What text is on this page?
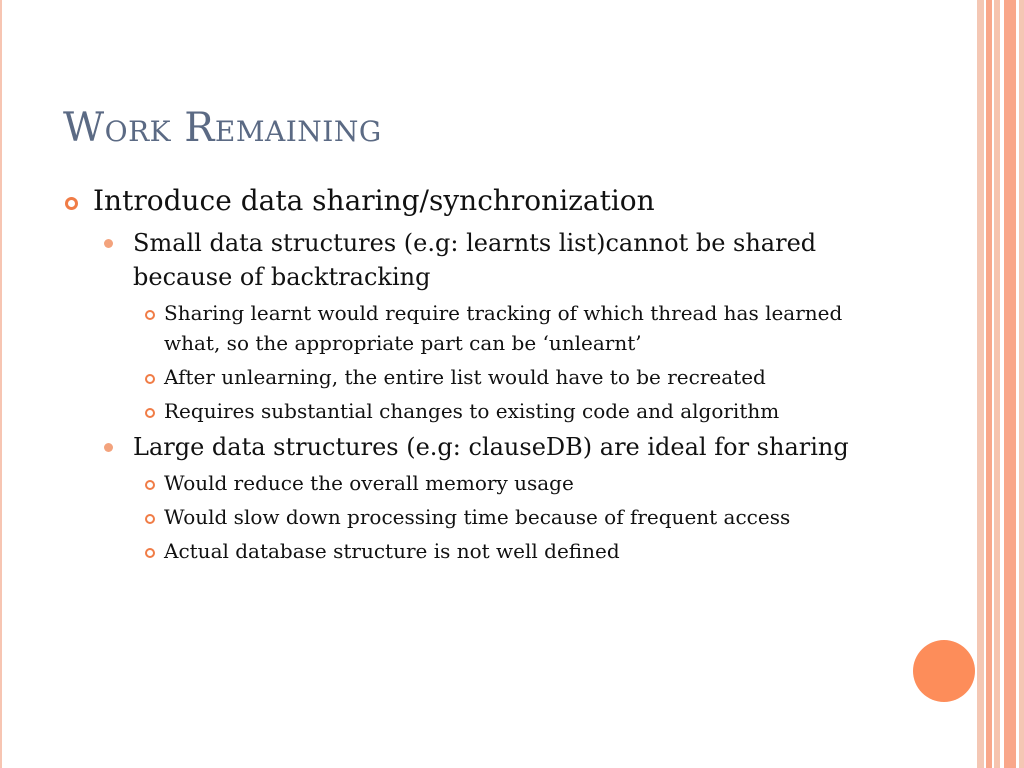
Work Remaining
Introduce data sharing/synchronization
Small data structures (e.g: learnts list)cannot be shared because of backtracking
Sharing learnt would require tracking of which thread has learned what, so the appropriate part can be ‘unlearnt’
After unlearning, the entire list would have to be recreated
Requires substantial changes to existing code and algorithm
Large data structures (e.g: clauseDB) are ideal for sharing
Would reduce the overall memory usage
Would slow down processing time because of frequent access
Actual database structure is not well defined
